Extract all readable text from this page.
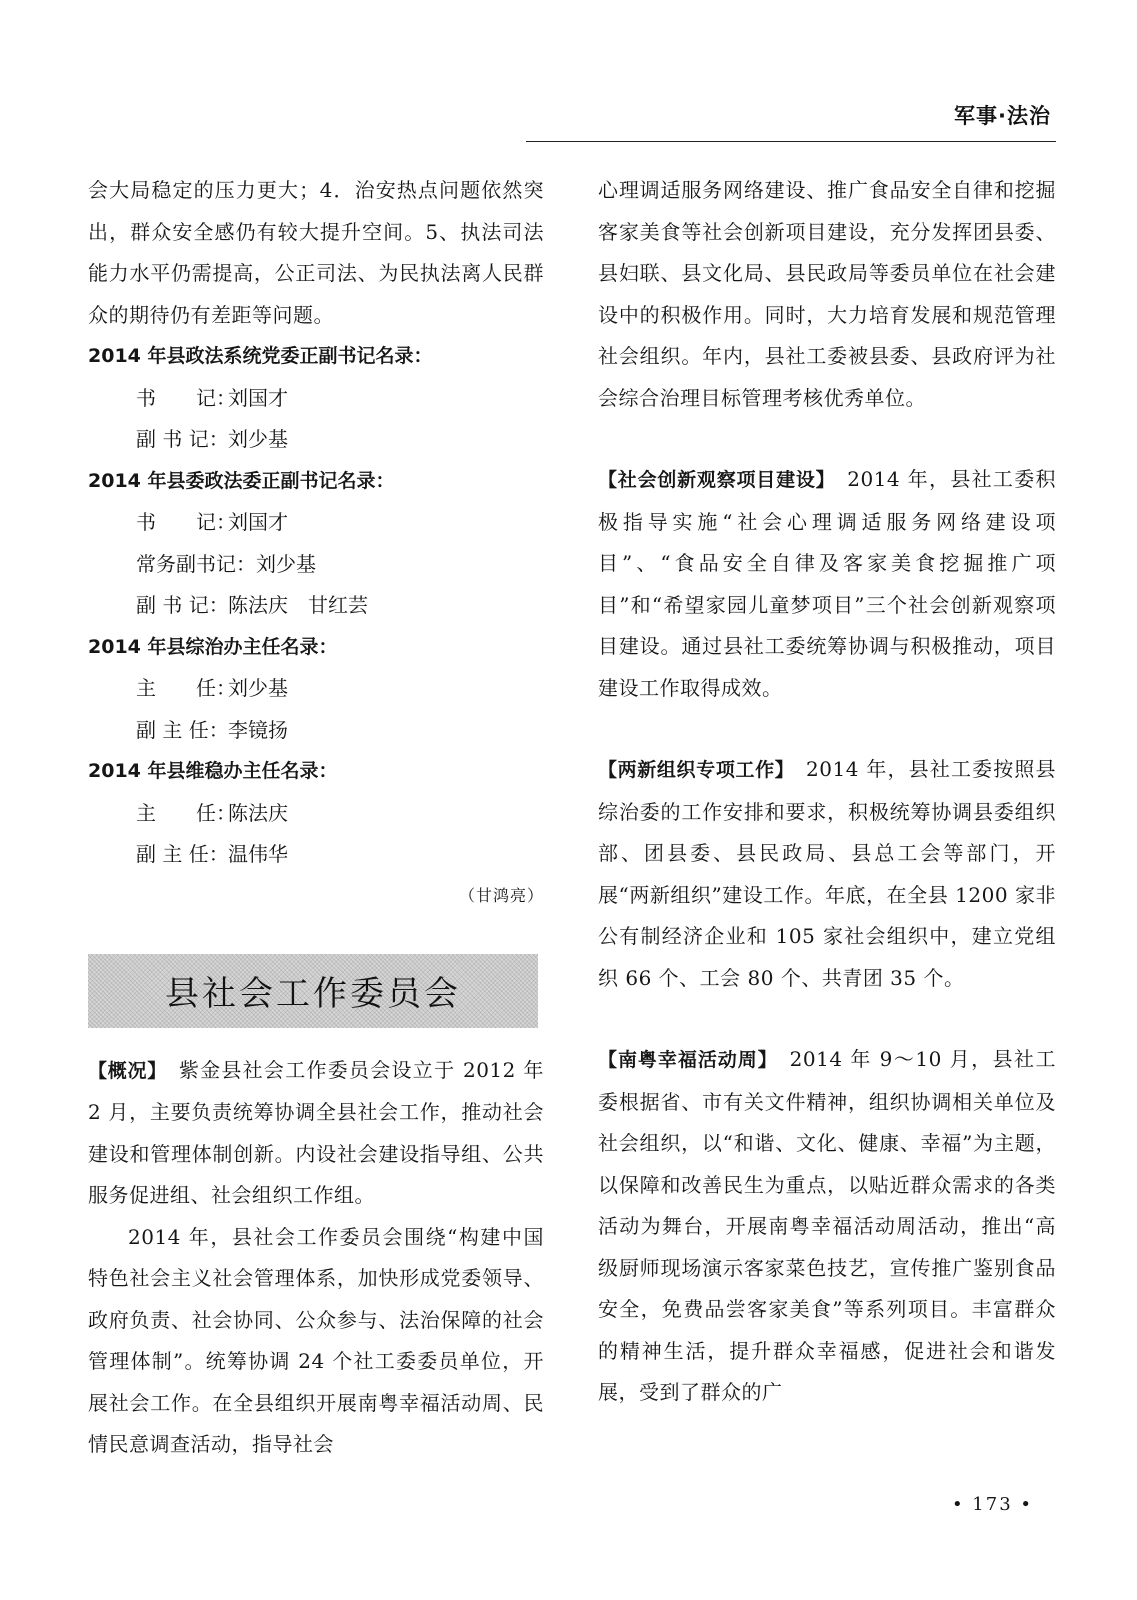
军事·法治

会大局稳定的压力更大；4．治安热点问题依然突出，群众安全感仍有较大提升空间。5、执法司法能力水平仍需提高，公正司法、为民执法离人民群众的期待仍有差距等问题。

2014 年县政法系统党委正副书记名录：

书　　记：
刘国才

副 书 记： 刘少基

2014 年县委政法委正副书记名录：

书　　记：
刘国才

常务副书记： 刘少基

副 书 记： 陈法庆　甘红芸

2014 年县综治办主任名录：

主　　任：
刘少基

副 主 任： 李镜扬

2014 年县维稳办主任名录：

主　　任：
陈法庆

副 主 任： 温伟华

（甘鸿亮）

县社会工作委员会

【概况】　 紫金县社会工作委员会设立于 2012 年 2 月，主要负责统筹协调全县社会工作，推动社会建设和管理体制创新。内设社会建设指导组、公共服务促进组、社会组织工作组。

2014 年，县社会工作委员会围绕“构建中国特色社会主义社会管理体系，加快形成党委领导、政府负责、社会协同、公众参与、法治保障的社会管理体制”。统筹协调 24 个社工委委员单位，开展社会工作。在全县组织开展南粤幸福活动周、民情民意调查活动，指导社会

心理调适服务网络建设、推广食品安全自律和挖掘客家美食等社会创新项目建设，充分发挥团县委、县妇联、县文化局、县民政局等委员单位在社会建设中的积极作用。同时，大力培育发展和规范管理社会组织。年内，县社工委被县委、县政府评为社会综合治理目标管理考核优秀单位。

【社会创新观察项目建设】　 2014 年，县社工委积极指导实施“社会心理调适服务网络建设项目”、“食品安全自律及客家美食挖掘推广项目”和“希望家园儿童梦项目”三个社会创新观察项目建设。通过县社工委统筹协调与积极推动，项目建设工作取得成效。

【两新组织专项工作】　 2014 年，县社工委按照县综治委的工作安排和要求，积极统筹协调县委组织部、团县委、县民政局、县总工会等部门，开展“两新组织”建设工作。年底，在全县 1200 家非公有制经济企业和 105 家社会组织中，建立党组织 66 个、工会 80 个、共青团 35 个。

【南粤幸福活动周】　 2014 年 9～10 月，县社工委根据省、市有关文件精神，组织协调相关单位及社会组织，以“和谐、文化、健康、幸福”为主题，以保障和改善民生为重点，以贴近群众需求的各类活动为舞台，开展南粤幸福活动周活动，推出“高级厨师现场演示客家菜色技艺，宣传推广鉴别食品安全，免费品尝客家美食”等系列项目。丰富群众的精神生活，提升群众幸福感，促进社会和谐发展，受到了群众的广

• 173 •
